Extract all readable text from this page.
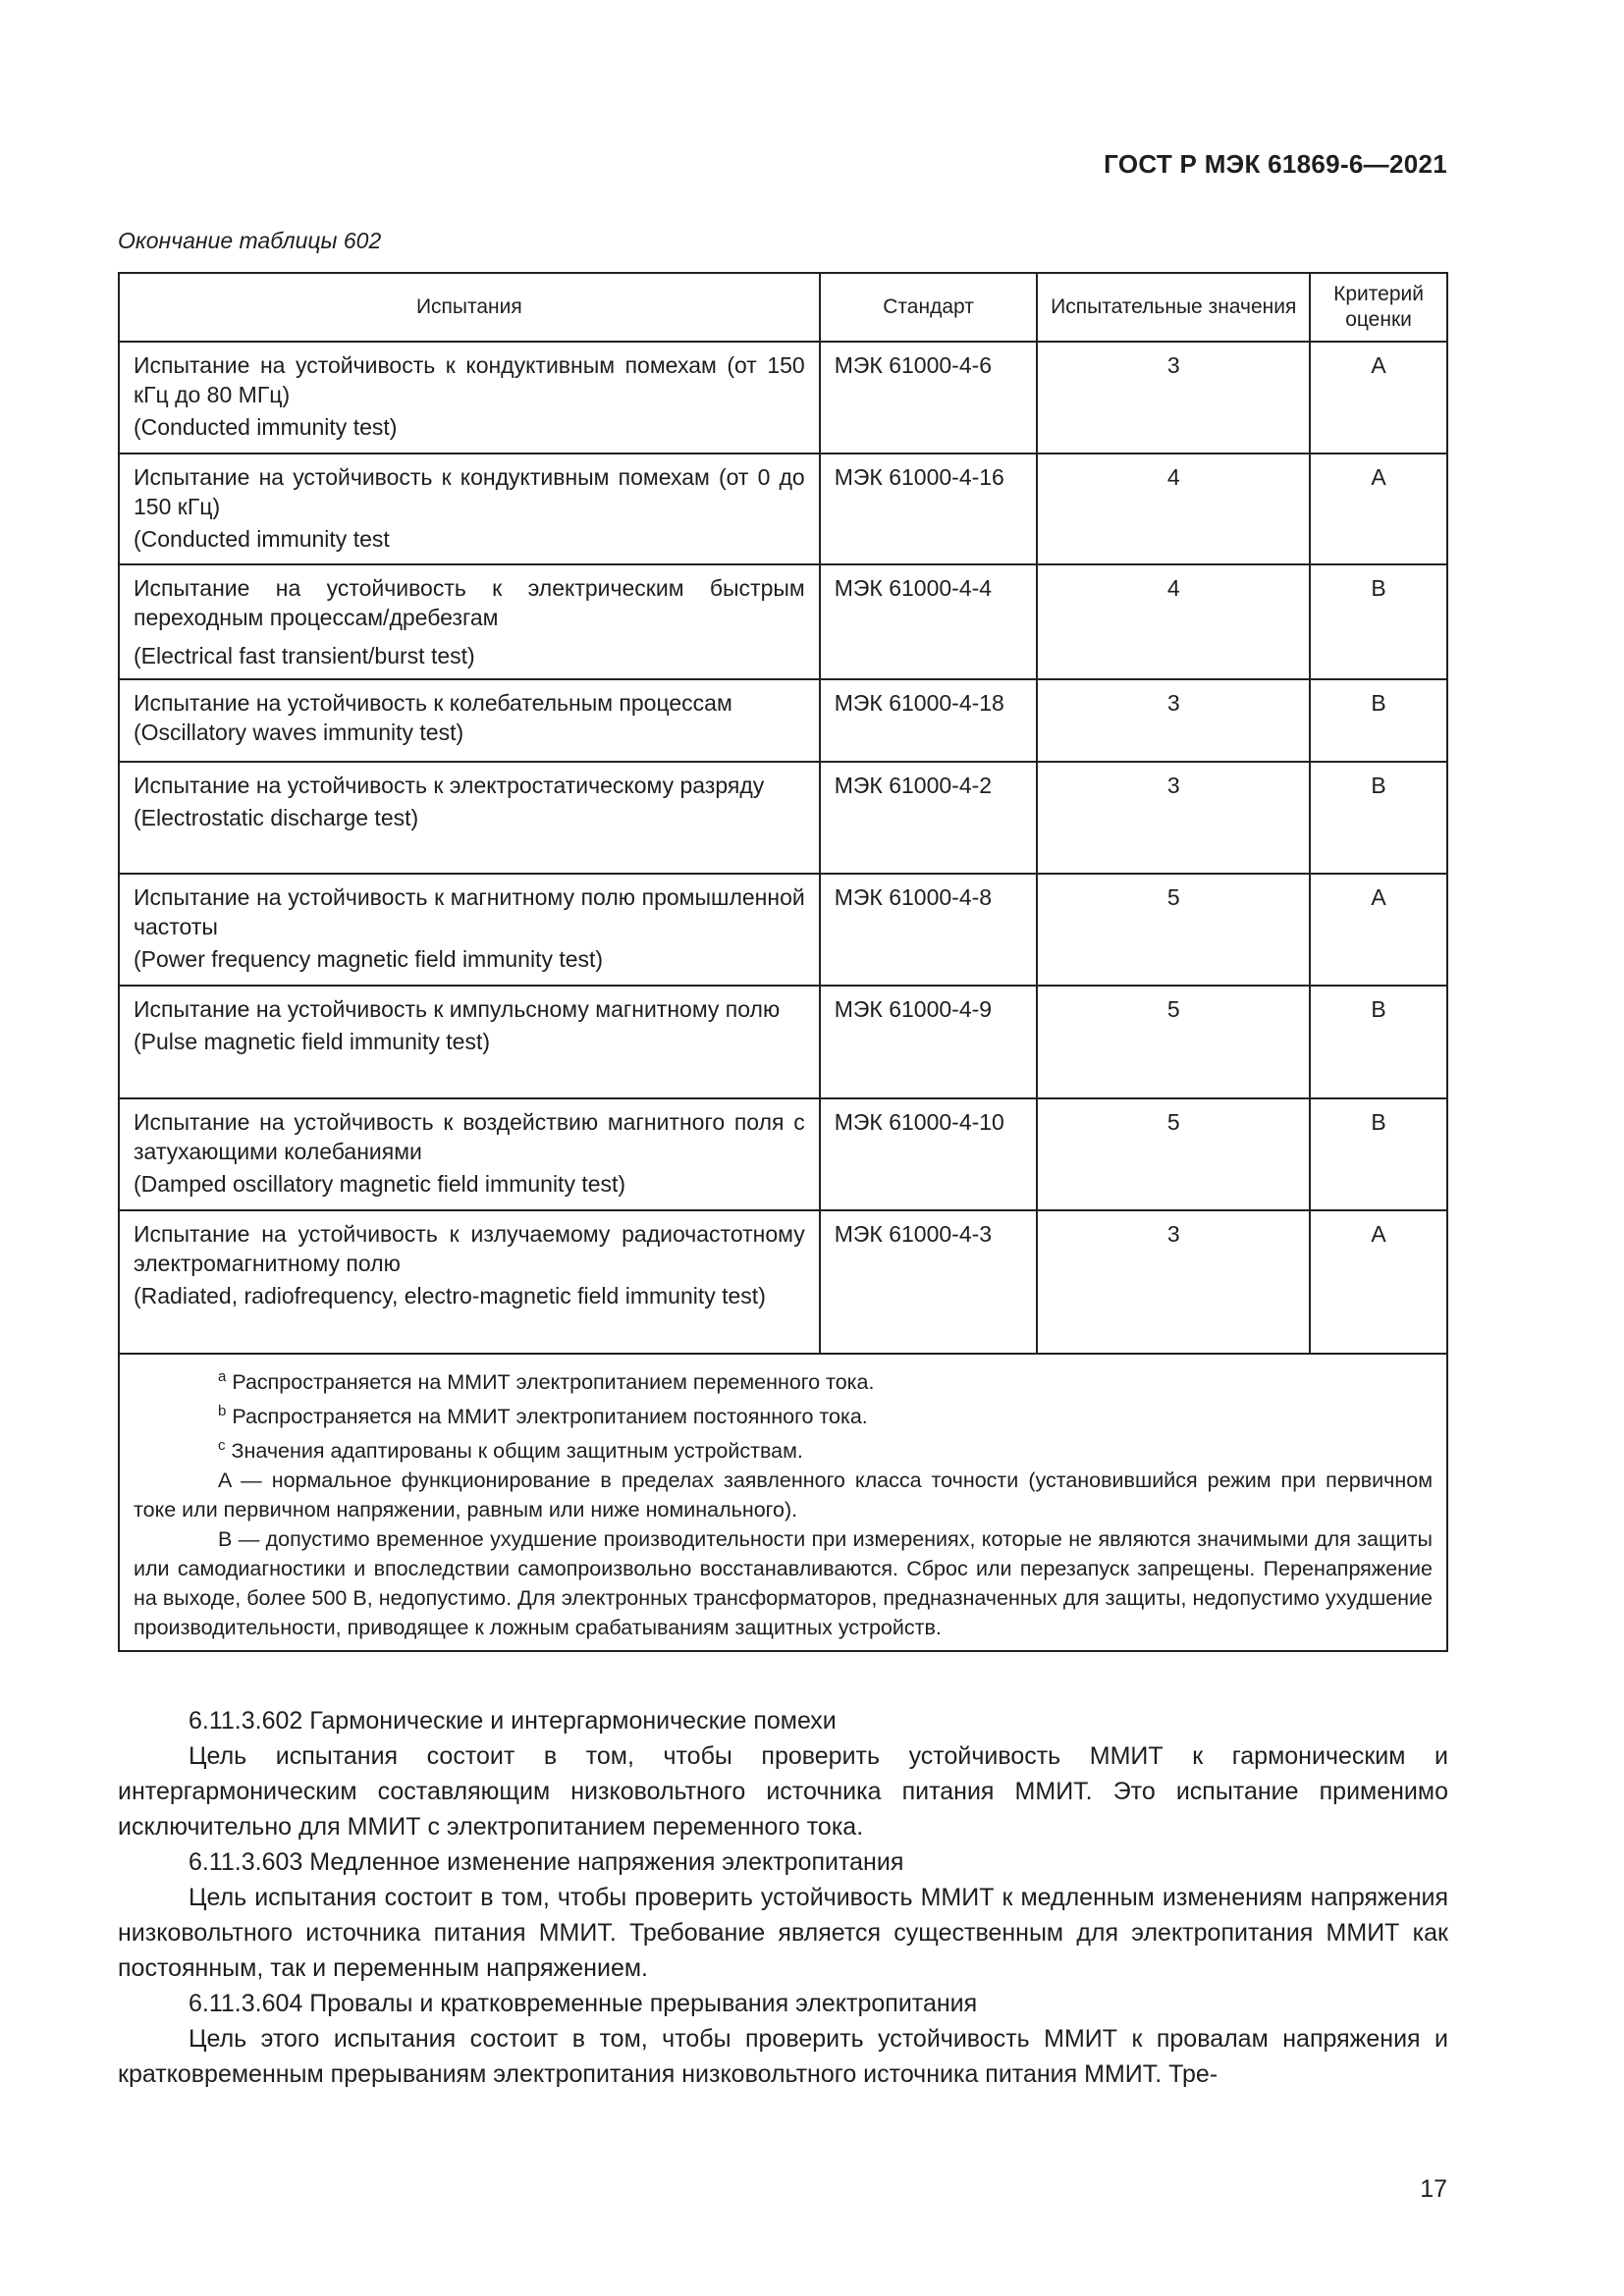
ГОСТ Р МЭК 61869-6—2021
Окончание таблицы 602
Испытания	Стандарт	Испытательные значения	Критерий оценки

Испытание на устойчивость к кондуктивным помехам (от 150 кГц до 80 МГц)

(Conducted immunity test)	МЭК 61000-4-6	3	A

Испытание на устойчивость к кондуктивным помехам (от 0 до 150 кГц)

(Conducted immunity test	МЭК 61000-4-16	4	A

Испытание на устойчивость к электрическим быстрым переходным процессам/дребезгам

(Electrical fast transient/burst test)	МЭК 61000-4-4	4	B

Испытание на устойчивость к колебательным процессам

(Oscillatory waves immunity test)	МЭК 61000-4-18	3	B

Испытание на устойчивость к электростатическому разряду

(Electrostatic discharge test)	МЭК 61000-4-2	3	B

Испытание на устойчивость к магнитному полю промышленной частоты

(Power frequency magnetic field immunity test)	МЭК 61000-4-8	5	A

Испытание на устойчивость к импульсному магнитному полю

(Pulse magnetic field immunity test)	МЭК 61000-4-9	5	B

Испытание на устойчивость к воздействию магнитного поля с затухающими колебаниями

(Damped oscillatory magnetic field immunity test)	МЭК 61000-4-10	5	B

Испытание на устойчивость к излучаемому радиочастотному электромагнитному полю

(Radiated, radiofrequency, electro-magnetic field immunity test)	МЭК 61000-4-3	3	A

$^a$ Распространяется на ММИТ электропитанием переменного тока.

$^b$ Распространяется на ММИТ электропитанием постоянного тока.

$^c$ Значения адаптированы к общим защитным устройствам.

A — нормальное функционирование в пределах заявленного класса точности (установившийся режим при первичном токе или первичном напряжении, равным или ниже номинального).

B — допустимо временное ухудшение производительности при измерениях, которые не являются значимыми для защиты или самодиагностики и впоследствии самопроизвольно восстанавливаются. Сброс или перезапуск запрещены. Перенапряжение на выходе, более 500 В, недопустимо. Для электронных трансформаторов, предназначенных для защиты, недопустимо ухудшение производительности, приводящее к ложным срабатываниям защитных устройств.			

6.11.3.602 Гармонические и интергармонические помехи

Цель испытания состоит в том, чтобы проверить устойчивость ММИТ к гармоническим и интергармоническим составляющим низковольтного источника питания ММИТ. Это испытание применимо исключительно для ММИТ с электропитанием переменного тока.

6.11.3.603 Медленное изменение напряжения электропитания

Цель испытания состоит в том, чтобы проверить устойчивость ММИТ к медленным изменениям напряжения низковольтного источника питания ММИТ. Требование является существенным для электропитания ММИТ как постоянным, так и переменным напряжением.

6.11.3.604 Провалы и кратковременные прерывания электропитания

Цель этого испытания состоит в том, чтобы проверить устойчивость ММИТ к провалам напряжения и кратковременным прерываниям электропитания низковольтного источника питания ММИТ. Тре-

17
